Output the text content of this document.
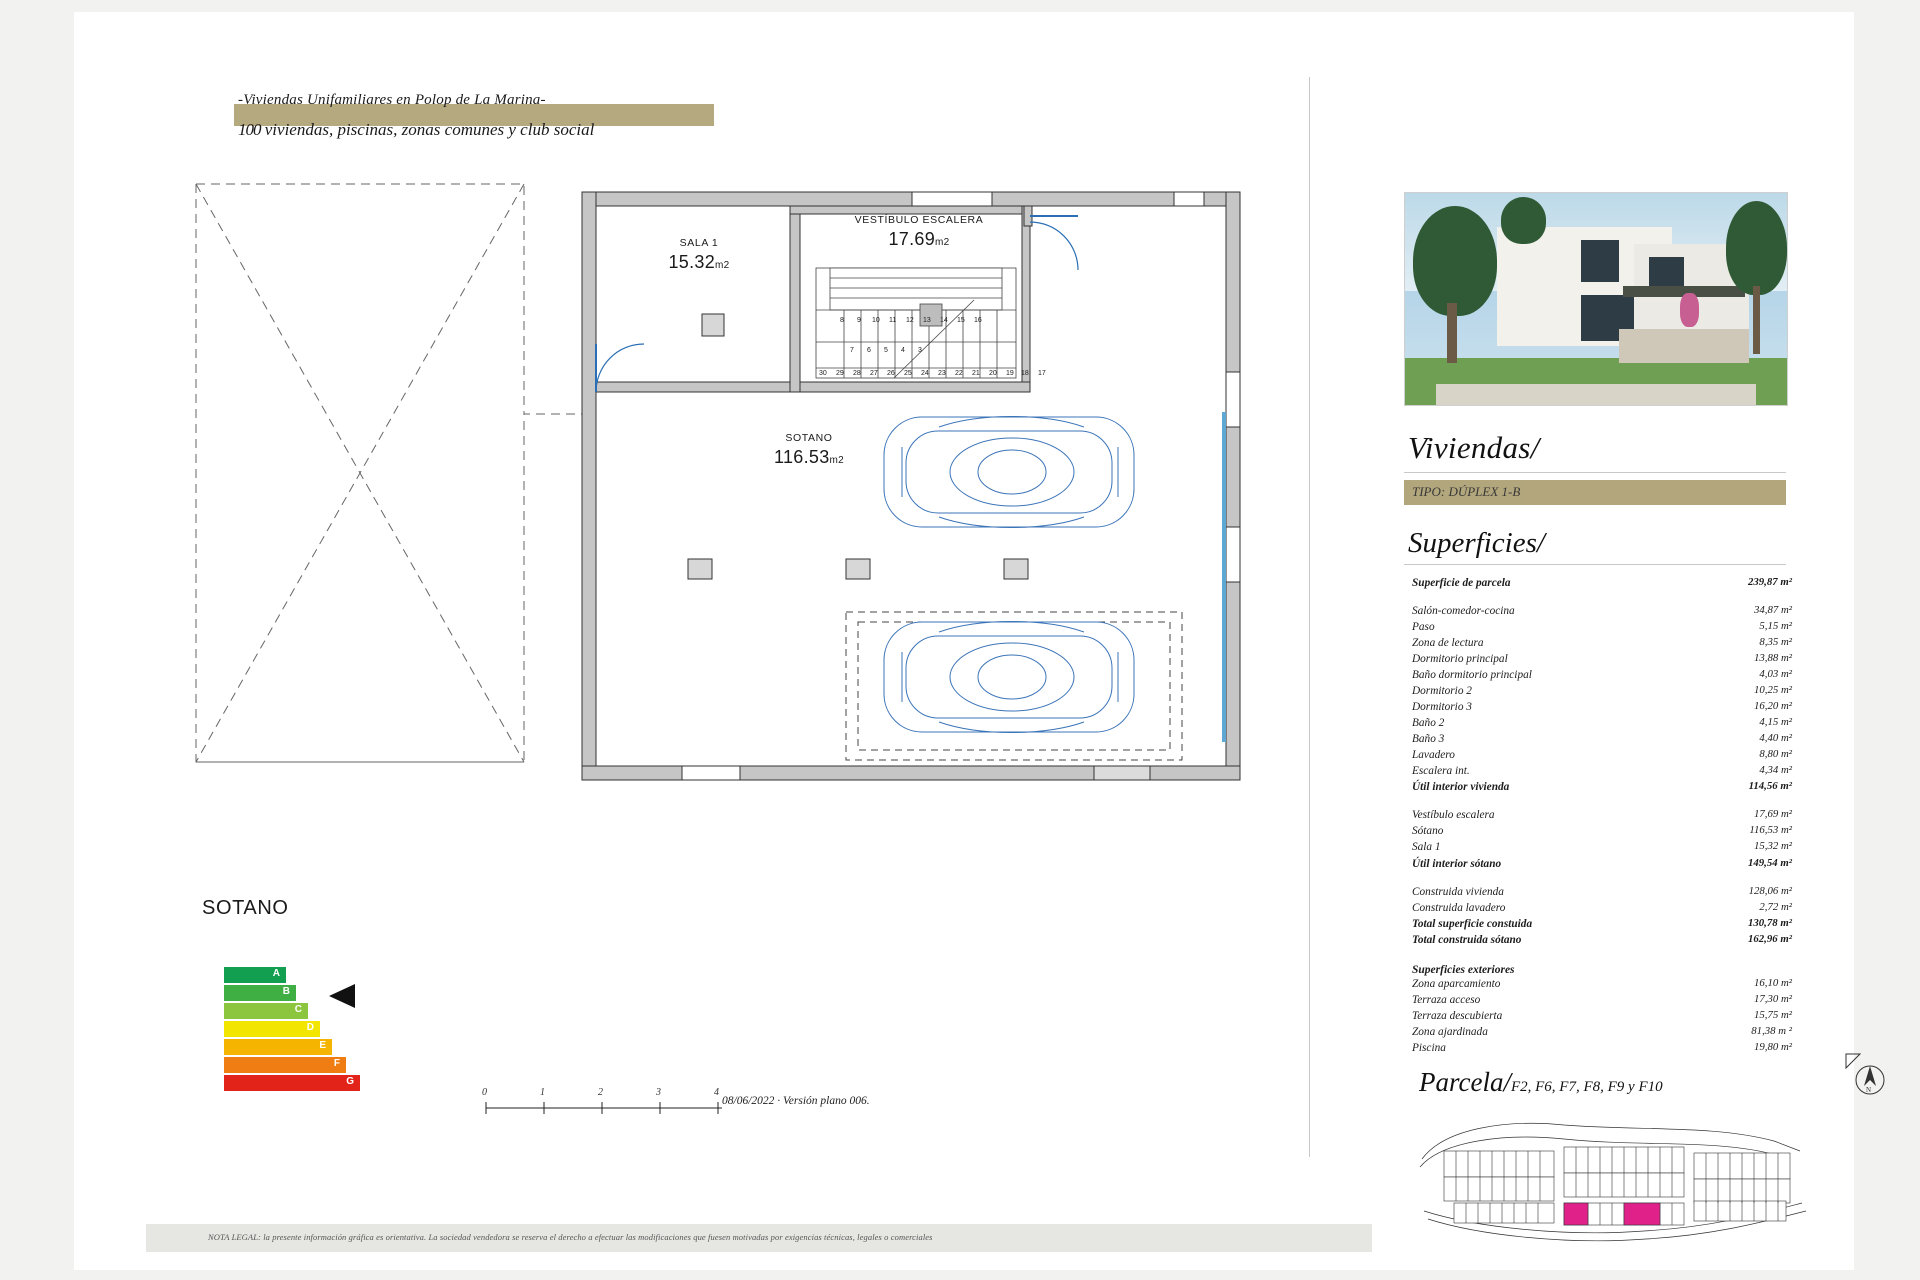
-Viviendas Unifamiliares en Polop de La Marina-
100 viviendas, piscinas, zonas comunes y club social
8 9 10 11 12 13 14 15 16
7 6 5 4 3
30 29 28 27 26 25 24 23 22 21 20 19 18 17
SALA 1
15.32m2
VESTÍBULO ESCALERA
17.69m2
SOTANO
116.53m2
SOTANO
A
B
C
D
E
F
G
0	1	2	3	4
08/06/2022 · Versión plano 006.

NOTA LEGAL: la presente información gráfica es orientativa. La sociedad vendedora se reserva el derecho a efectuar las modificaciones que fuesen motivadas por exigencias técnicas, legales o comerciales

Viviendas/
TIPO: DÚPLEX 1-B
Superficies/
Superficie de parcela	239,87 m²
Salón-comedor-cocina	34,87 m²
Paso	5,15 m²
Zona de lectura	8,35 m²
Dormitorio principal	13,88 m²
Baño dormitorio principal	4,03 m²
Dormitorio 2	10,25 m²
Dormitorio 3	16,20 m²
Baño 2	4,15 m²
Baño 3	4,40 m²
Lavadero	8,80 m²
Escalera int.	4,34 m²
Útil interior vivienda	114,56 m²
Vestíbulo escalera	17,69 m²
Sótano	116,53 m²
Sala 1	15,32 m²
Útil interior sótano	149,54 m²
Construida vivienda	128,06 m²
Construida lavadero	2,72 m²
Total superficie constuida	130,78 m²
Total construida sótano	162,96 m²
Superficies exteriores
Zona aparcamiento	16,10 m²
Terraza acceso	17,30 m²
Terraza descubierta	15,75 m²
Zona ajardinada	81,38 m ²
Piscina	19,80 m²
Parcela/F2, F6, F7, F8, F9 y F10	N
